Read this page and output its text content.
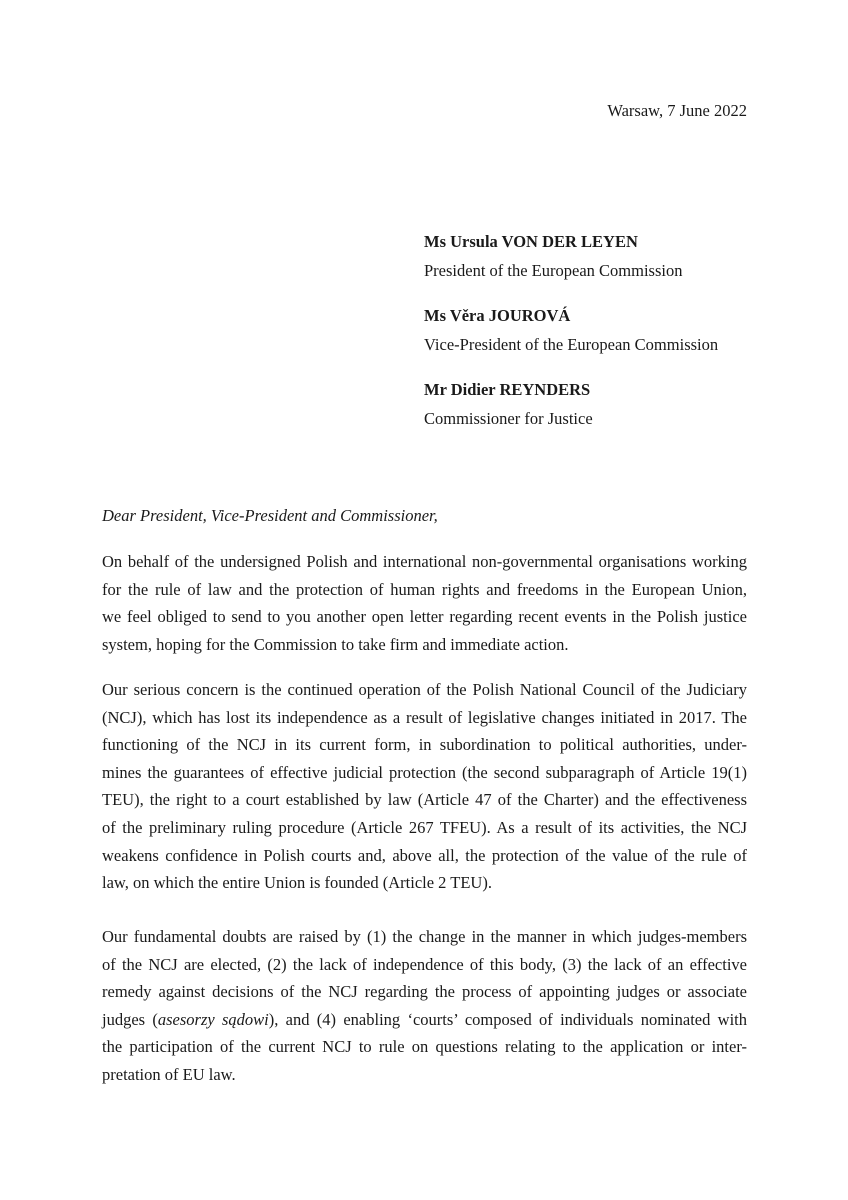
Warsaw, 7 June 2022
Ms Ursula VON DER LEYEN
President of the European Commission
Ms Věra JOUROVÁ
Vice-President of the European Commission
Mr Didier REYNDERS
Commissioner for Justice
Dear President, Vice-President and Commissioner,
On behalf of the undersigned Polish and international non-governmental organisations working
for the rule of law and the protection of human rights and freedoms in the European Union,
we feel obliged to send to you another open letter regarding recent events in the Polish justice
system, hoping for the Commission to take firm and immediate action.
Our serious concern is the continued operation of the Polish National Council of the Judiciary
(NCJ), which has lost its independence as a result of legislative changes initiated in 2017. The
functioning of the NCJ in its current form, in subordination to political authorities, under-
mines the guarantees of effective judicial protection (the second subparagraph of Article 19(1)
TEU), the right to a court established by law (Article 47 of the Charter) and the effectiveness
of the preliminary ruling procedure (Article 267 TFEU). As a result of its activities, the NCJ
weakens confidence in Polish courts and, above all, the protection of the value of the rule of
law, on which the entire Union is founded (Article 2 TEU).
Our fundamental doubts are raised by (1) the change in the manner in which judges-members
of the NCJ are elected, (2) the lack of independence of this body, (3) the lack of an effective
remedy against decisions of the NCJ regarding the process of appointing judges or associate
judges (asesorzy sądowi), and (4) enabling ‘courts’ composed of individuals nominated with
the participation of the current NCJ to rule on questions relating to the application or inter-
pretation of EU law.
